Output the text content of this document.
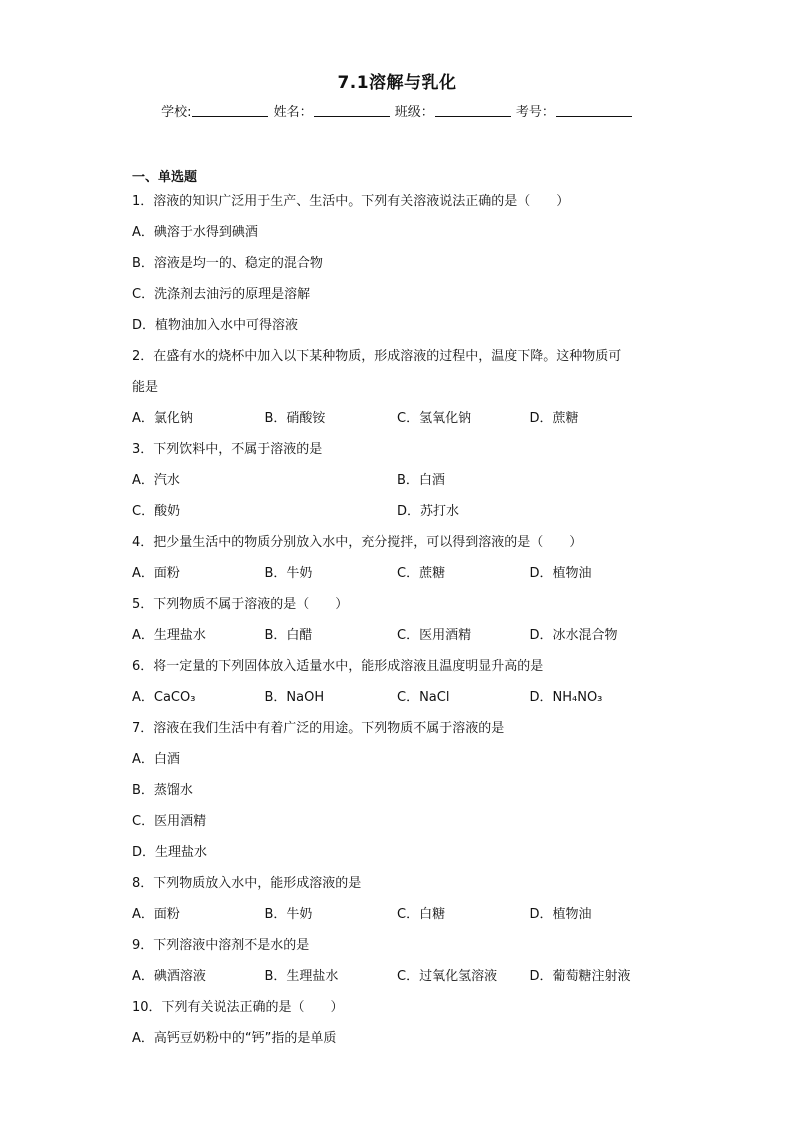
7.1溶解与乳化
学校:	姓名：	班级：	考号：
一、单选题
1．溶液的知识广泛用于生产、生活中。下列有关溶液说法正确的是（　　）
A．碘溶于水得到碘酒
B．溶液是均一的、稳定的混合物
C．洗涤剂去油污的原理是溶解
D．植物油加入水中可得溶液
2．在盛有水的烧杯中加入以下某种物质，形成溶液的过程中，温度下降。这种物质可
能是
A．氯化钠	B．硝酸铵	C．氢氧化钠	D．蔗糖
3．下列饮料中，不属于溶液的是
A．汽水	B．白酒
C．酸奶	D．苏打水
4．把少量生活中的物质分别放入水中，充分搅拌，可以得到溶液的是（　　）
A．面粉	B．牛奶	C．蔗糖	D．植物油
5．下列物质不属于溶液的是（　　）
A．生理盐水	B．白醋	C．医用酒精	D．冰水混合物
6．将一定量的下列固体放入适量水中，能形成溶液且温度明显升高的是
A．CaCO₃	B．NaOH	C．NaCl	D．NH₄NO₃
7．溶液在我们生活中有着广泛的用途。下列物质不属于溶液的是
A．白酒
B．蒸馏水
C．医用酒精
D．生理盐水
8．下列物质放入水中，能形成溶液的是
A．面粉	B．牛奶	C．白糖	D．植物油
9．下列溶液中溶剂不是水的是
A．碘酒溶液	B．生理盐水	C．过氧化氢溶液	D．葡萄糖注射液
10．下列有关说法正确的是（　　）
A．高钙豆奶粉中的“钙”指的是单质
